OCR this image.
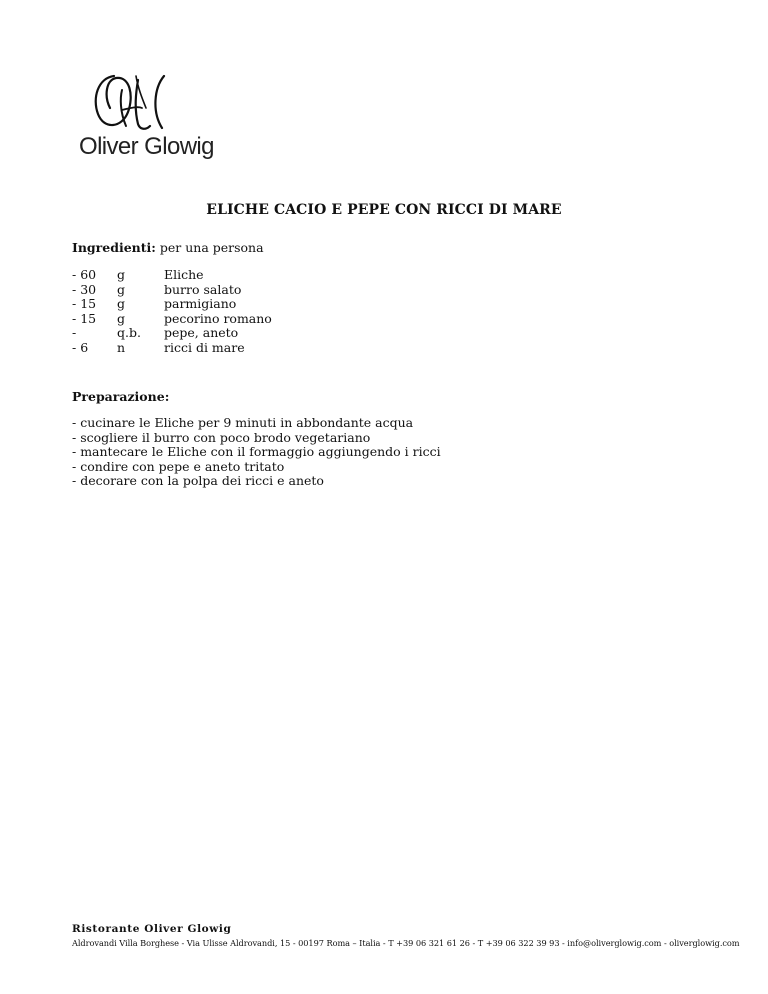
Oliver Glowig
ELICHE CACIO E PEPE CON RICCI DI MARE
Ingredienti: per una persona
- 60	g	Eliche
- 30	g	burro salato
- 15	g	parmigiano
- 15	g	pecorino romano
-	q.b.	pepe, aneto
- 6	n	ricci di mare
Preparazione:
- cucinare le Eliche per 9 minuti in abbondante acqua
- scogliere il burro con poco brodo vegetariano
- mantecare le Eliche con il formaggio aggiungendo i ricci
- condire con pepe e aneto tritato
- decorare con la polpa dei ricci e aneto
Ristorante Oliver Glowig
Aldrovandi Villa Borghese - Via Ulisse Aldrovandi, 15 - 00197 Roma – Italia - T +39 06 321 61 26 - T +39 06 322 39 93 - info@oliverglowig.com - oliverglowig.com
